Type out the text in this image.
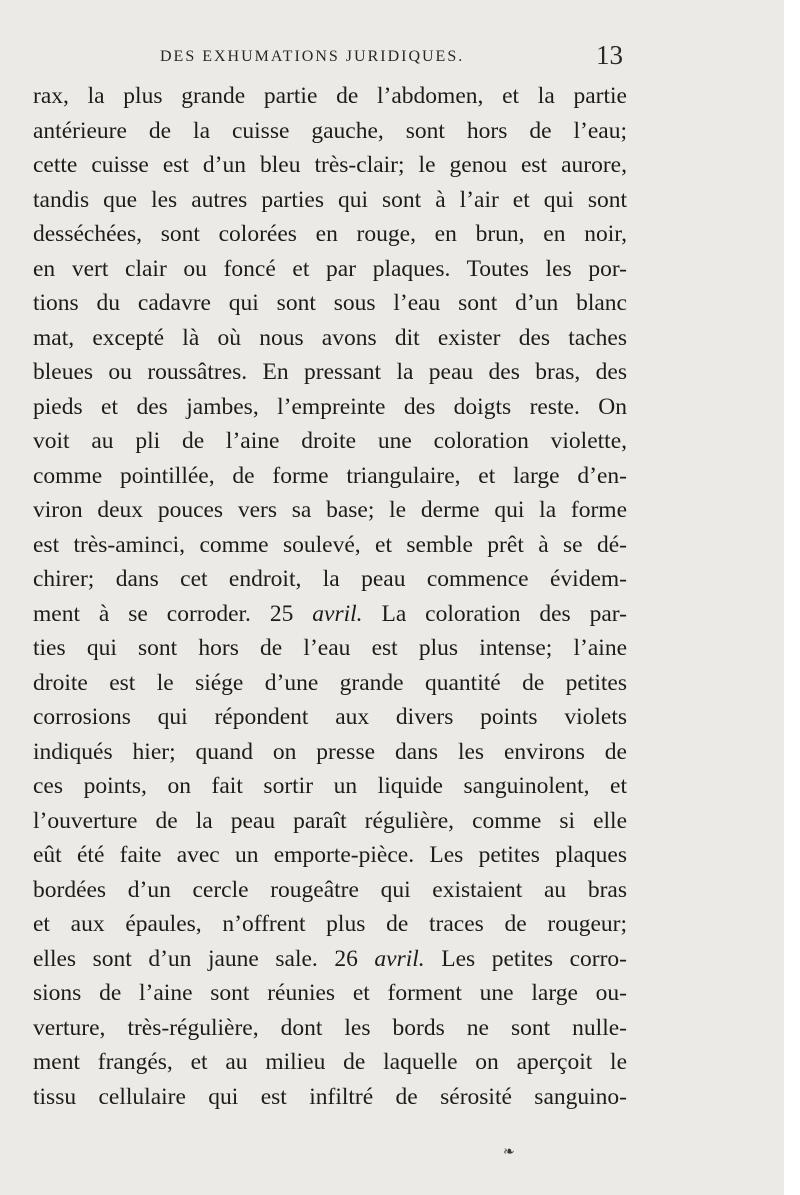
DES EXHUMATIONS JURIDIQUES.	13
rax, la plus grande partie de l’abdomen, et la partie
antérieure de la cuisse gauche, sont hors de l’eau;
cette cuisse est d’un bleu très-clair; le genou est aurore,
tandis que les autres parties qui sont à l’air et qui sont
desséchées, sont colorées en rouge, en brun, en noir,
en vert clair ou foncé et par plaques. Toutes les por-
tions du cadavre qui sont sous l’eau sont d’un blanc
mat, excepté là où nous avons dit exister des taches
bleues ou roussâtres. En pressant la peau des bras, des
pieds et des jambes, l’empreinte des doigts reste. On
voit au pli de l’aine droite une coloration violette,
comme pointillée, de forme triangulaire, et large d’en-
viron deux pouces vers sa base; le derme qui la forme
est très-aminci, comme soulevé, et semble prêt à se dé-
chirer; dans cet endroit, la peau commence évidem-
ment à se corroder. 25 avril. La coloration des par-
ties qui sont hors de l’eau est plus intense; l’aine
droite est le siége d’une grande quantité de petites
corrosions qui répondent aux divers points violets
indiqués hier; quand on presse dans les environs de
ces points, on fait sortir un liquide sanguinolent, et
l’ouverture de la peau paraît régulière, comme si elle
eût été faite avec un emporte-pièce. Les petites plaques
bordées d’un cercle rougeâtre qui existaient au bras
et aux épaules, n’offrent plus de traces de rougeur;
elles sont d’un jaune sale. 26 avril. Les petites corro-
sions de l’aine sont réunies et forment une large ou-
verture, très-régulière, dont les bords ne sont nulle-
ment frangés, et au milieu de laquelle on aperçoit le
tissu cellulaire qui est infiltré de sérosité sanguino-
❧
